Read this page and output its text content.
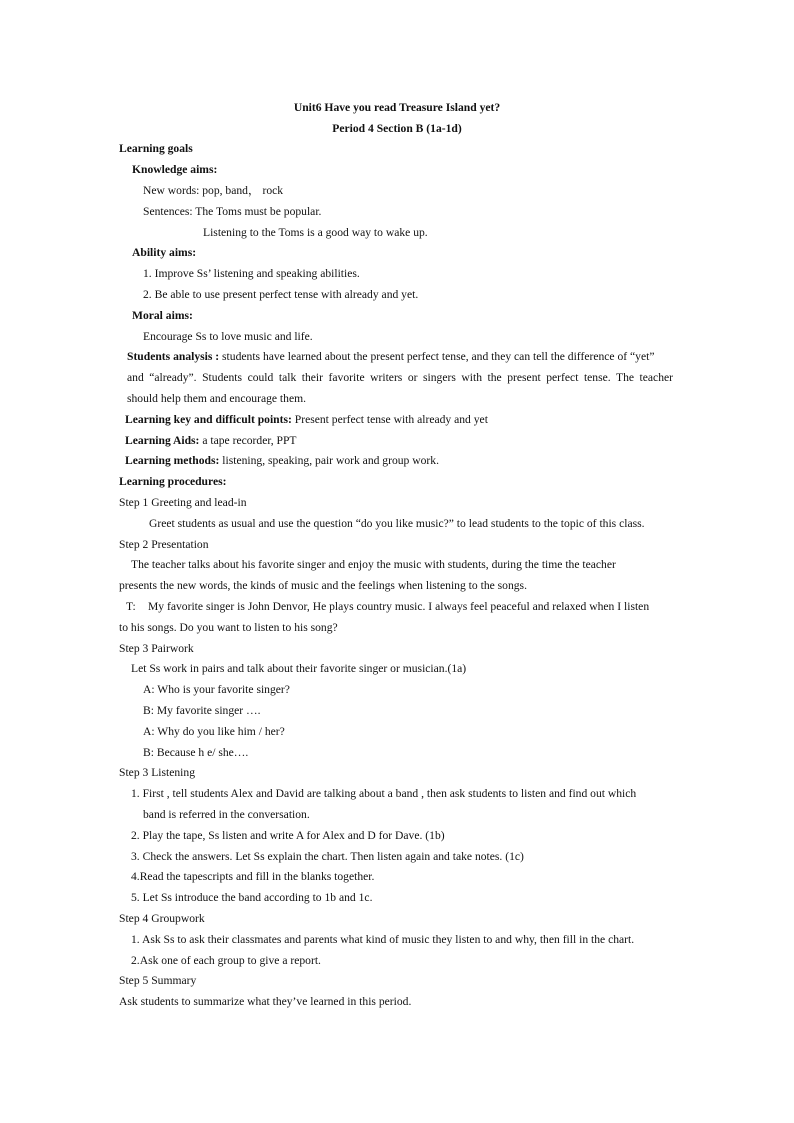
Unit6 Have you read Treasure Island yet?
Period 4 Section B (1a-1d)
Learning goals
Knowledge aims:
New words: pop, band， rock
Sentences: The Toms must be popular.
Listening to the Toms is a good way to wake up.
Ability aims:
1. Improve Ss’ listening and speaking abilities.
2. Be able to use present perfect tense with already and yet.
Moral aims:
Encourage Ss to love music and life.
Students analysis : students have learned about the present perfect tense, and they can tell the difference of “yet”
and “already”. Students could talk their favorite writers or singers with the present perfect tense. The teacher
should help them and encourage them.
Learning key and difficult points: Present perfect tense with already and yet
Learning Aids: a tape recorder, PPT
Learning methods: listening, speaking, pair work and group work.
Learning procedures:
Step 1 Greeting and lead-in
Greet students as usual and use the question “do you like music?” to lead students to the topic of this class.
Step 2 Presentation
The teacher talks about his favorite singer and enjoy the music with students, during the time the teacher
presents the new words, the kinds of music and the feelings when listening to the songs.
T: My favorite singer is John Denvor, He plays country music. I always feel peaceful and relaxed when I listen
to his songs. Do you want to listen to his song?
Step 3 Pairwork
Let Ss work in pairs and talk about their favorite singer or musician.(1a)
A: Who is your favorite singer?
B: My favorite singer ….
A: Why do you like him / her?
B: Because h e/ she….
Step 3 Listening
1. First , tell students Alex and David are talking about a band , then ask students to listen and find out which
band is referred in the conversation.
2. Play the tape, Ss listen and write A for Alex and D for Dave. (1b)
3. Check the answers. Let Ss explain the chart. Then listen again and take notes. (1c)
4.Read the tapescripts and fill in the blanks together.
5. Let Ss introduce the band according to 1b and 1c.
Step 4 Groupwork
1. Ask Ss to ask their classmates and parents what kind of music they listen to and why, then fill in the chart.
2.Ask one of each group to give a report.
Step 5 Summary
Ask students to summarize what they’ve learned in this period.
